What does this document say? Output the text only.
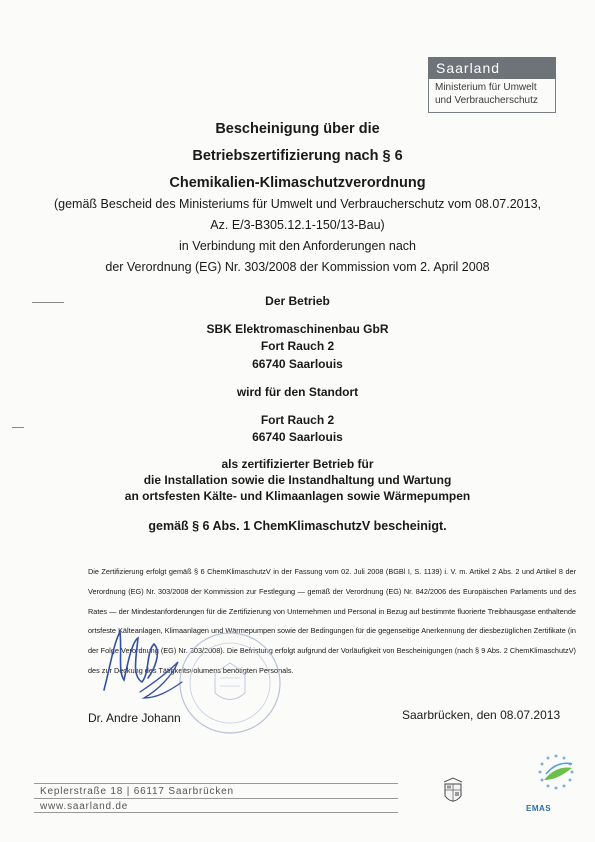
Saarland
Ministerium für Umwelt
und Verbraucherschutz
Bescheinigung über die
Betriebszertifizierung nach § 6
Chemikalien-Klimaschutzverordnung
(gemäß Bescheid des Ministeriums für Umwelt und Verbraucherschutz vom 08.07.2013,
Az. E/3-B305.12.1-150/13-Bau)
in Verbindung mit den Anforderungen nach
der Verordnung (EG) Nr. 303/2008 der Kommission vom 2. April 2008
Der Betrieb
SBK Elektromaschinenbau GbR
Fort Rauch 2
66740 Saarlouis
wird für den Standort
Fort Rauch 2
66740 Saarlouis
als zertifizierter Betrieb für
die Installation sowie die Instandhaltung und Wartung
an ortsfesten Kälte- und Klimaanlagen sowie Wärmepumpen
gemäß § 6 Abs. 1 ChemKlimaschutzV bescheinigt.
Die Zertifizierung erfolgt gemäß § 6 ChemKlimaschutzV in der Fassung vom 02. Juli 2008 (BGBl I, S. 1139) i. V. m. Artikel 2 Abs. 2 und Artikel 8 der Verordnung (EG) Nr. 303/2008 der Kommission zur Festlegung — gemäß der Verordnung (EG) Nr. 842/2006 des Europäischen Parlaments und des Rates — der Mindestanforderungen für die Zertifizierung von Unternehmen und Personal in Bezug auf bestimmte fluorierte Treibhausgase enthaltende ortsfeste Kälteanlagen, Klimaanlagen und Wärmepumpen sowie der Bedingungen für die gegenseitige Anerkennung der diesbezüglichen Zertifikate (in der Folge Verordnung (EG) Nr. 303/2008). Die Befristung erfolgt aufgrund der Vorläufigkeit von Bescheinigungen (nach § 9 Abs. 2 ChemKlimaschutzV) des zur Deckung des Tätigkeitsvolumens benötigten Personals.
Dr. Andre Johann	Saarbrücken, den 08.07.2013
Keplerstraße 18 | 66117 Saarbrücken
www.saarland.de	EMAS
